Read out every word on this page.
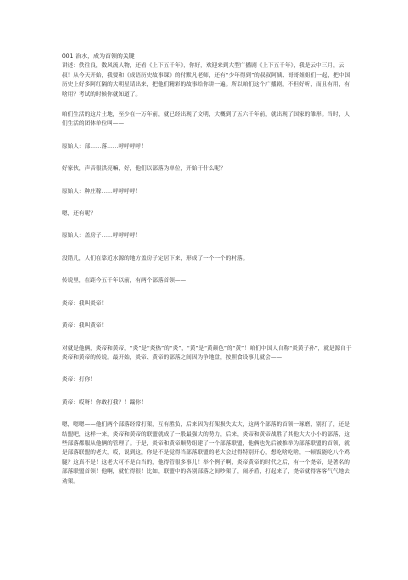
001 治水，成为首领的关键

讲述：佚往良，数风流人物，还看《上下五千年》，你好，欢迎来到大型广播剧《上下五千年》，我是云中三月，云叔！从今天开始，我要和《成语历史故事课》的付默凡老师，还有“少年得到”的叔叔阿姨、哥哥姐姐们一起，把中国历史上好多阿红隔的大明星请出来，把他们精彩的故事给你讲一遍。所以咱们这个广播剧，不但好听，而且有用，有啥用？考试的时候你就知道了。

咱们生活的这片土地，至少在一万年前，就已经出现了文明，大概到了五六千年前，就出现了国家的雏形。当时，人们生活的团体单位叫——

原始人：部……落……呼呼呼呼！

好家伙，声音很洪亮嘛，好，他们以部落为单位，开始干什么呢？

原始人：种庄稼……呼呼呼呼！

嗯，还有呢？

原始人：盖房子……呼呼呼呼！

没错儿，人们在靠近水源的地方盖房子定居下来，形成了一个一个的村落。

传说里，在距今五千年以前，有两个部落首领——

炎帝：我叫炎帝！

黄帝：我叫黄帝！

对就是他俩，炎帝和黄帝，“炎”是“炎热”的“炎”，“黄”是“黄颜色”的“黄”！咱们中国人自称“炎黄子孙”，就是源自于炎帝和黄帝的传说。最开始，炎帝、黄帝的部落之间因为争地盘，按照食设事儿就会——

炎帝：打你！

黄帝：哎呀！你敢打我？！踹你！

嗯，嗯嗯——他们两个部落经常打架，互有胜负，后来因为打架损失太大，这两个部落的首领一琢磨，别打了，还是结盟吧，这样一来，炎帝和黄帝的联盟就成了一股最强大的势力，后来，炎帝和黄帝战胜了其他大大小小的部落，这些部落都服从他俩的管理了。于是，炎帝和黄帝顺势组建了一个部落联盟，他俩也先后被推举为部落联盟的首领，就是部落联盟的老大，哎，说到这，你是不是觉得当部落联盟的老大会过得特别开心，想吃啥吃啥，一顿饭能吃八个鸡腿？这真不是！这老大可不是白当的，他得管很多事儿！举个例子啊，炎帝黄帝的时代之后，有一个尧帝，是著名的部落联盟首领！他啊，就忙得很！比如，联盟中的各别部落之间吵架了，闹矛盾，打起来了，尧帝就得客客气气地去劝架。
